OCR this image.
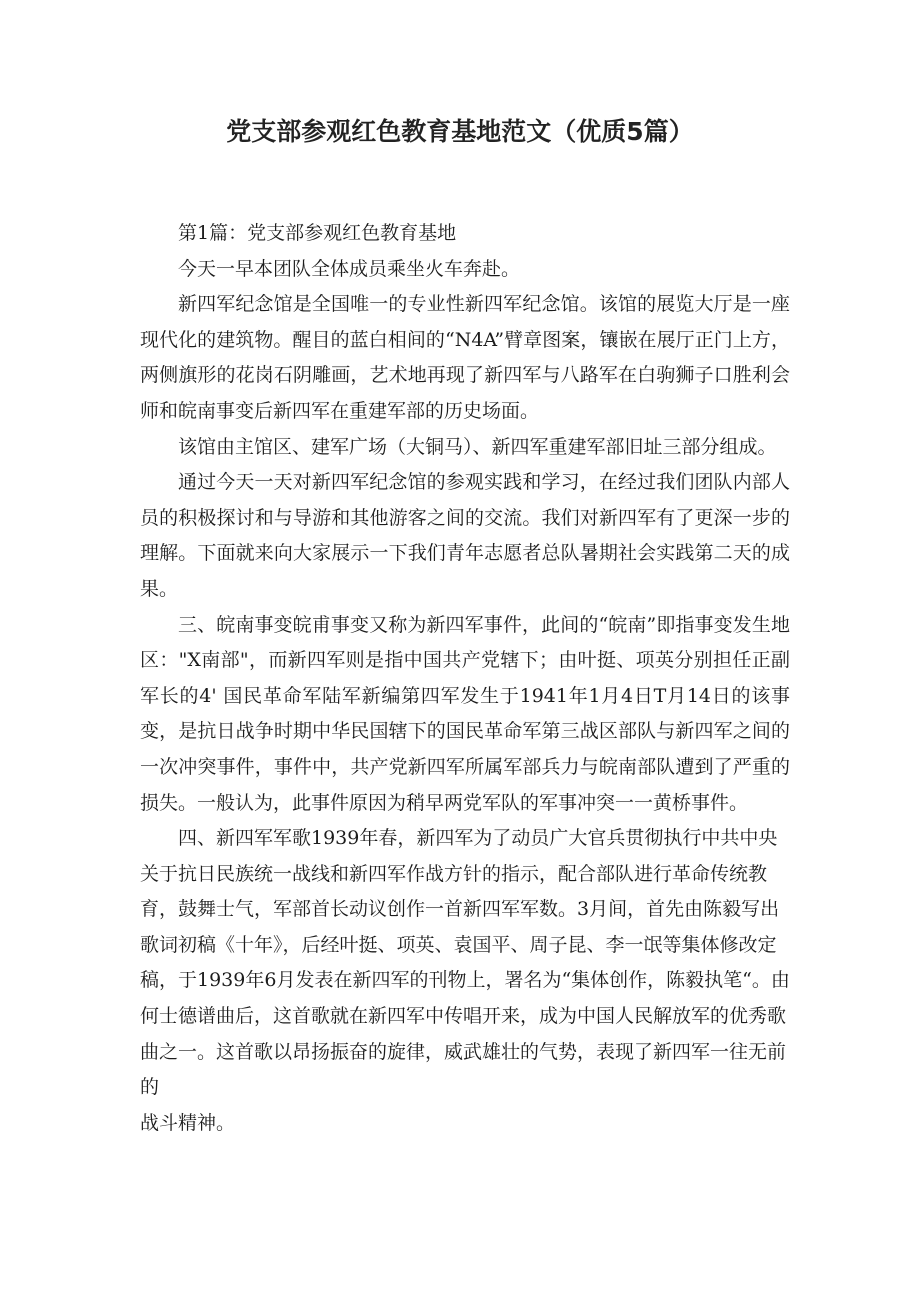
党支部参观红色教育基地范文（优质5篇）

第1篇：党支部参观红色教育基地

今天一早本团队全体成员乘坐火车奔赴。

新四军纪念馆是全国唯一的专业性新四军纪念馆。该馆的展览大厅是一座现代化的建筑物。醒目的蓝白相间的“N4A”臂章图案，镶嵌在展厅正门上方，两侧旗形的花岗石阴雕画，艺术地再现了新四军与八路军在白驹狮子口胜利会师和皖南事变后新四军在重建军部的历史场面。

该馆由主馆区、建军广场（大铜马）、新四军重建军部旧址三部分组成。

通过今天一天对新四军纪念馆的参观实践和学习，在经过我们团队内部人员的积极探讨和与导游和其他游客之间的交流。我们对新四军有了更深一步的理解。下面就来向大家展示一下我们青年志愿者总队暑期社会实践第二天的成果。

三、皖南事变皖甫事变又称为新四军事件，此间的“皖南”即指事变发生地区："X南部"，而新四军则是指中国共产党辖下；由叶挺、项英分别担任正副军长的4' 国民革命军陆军新编第四军发生于1941年1月4日T月14日的该事变，是抗日战争时期中华民国辖下的国民革命军第三战区部队与新四军之间的一次冲突事件，事件中，共产党新四军所属军部兵力与皖南部队遭到了严重的损失。一般认为，此事件原因为稍早两党军队的军事冲突一一黄桥事件。

四、新四军军歌1939年春，新四军为了动员广大官兵贯彻执行中共中央关于抗日民族统一战线和新四军作战方针的指示，配合部队进行革命传统教育，鼓舞士气，军部首长动议创作一首新四军军数。3月间，首先由陈毅写出歌词初稿《十年》，后经叶挺、项英、袁国平、周子昆、李一氓等集体修改定稿，于1939年6月发表在新四军的刊物上，署名为“集体创作，陈毅执笔“。由何士德谱曲后，这首歌就在新四军中传唱开来，成为中国人民解放军的优秀歌曲之一。这首歌以昂扬振奋的旋律，威武雄壮的气势，表现了新四军一往无前的

战斗精神。
